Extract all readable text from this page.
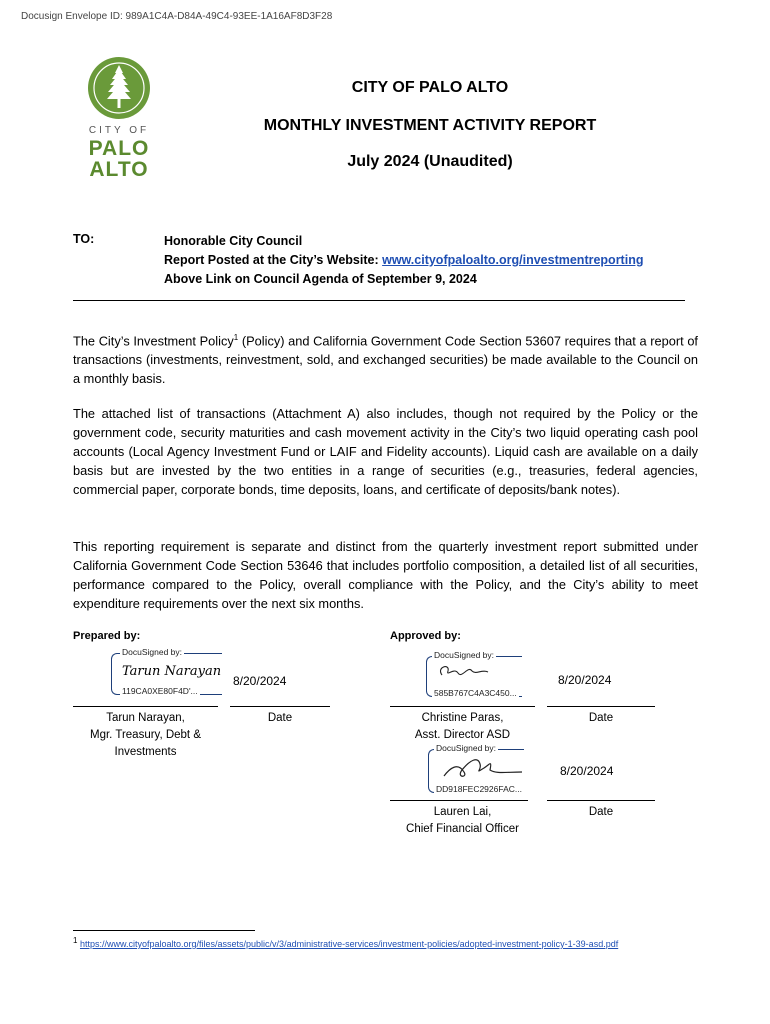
Docusign Envelope ID: 989A1C4A-D84A-49C4-93EE-1A16AF8D3F28
CITY OF
PALO
ALTO
CITY OF PALO ALTO
MONTHLY INVESTMENT ACTIVITY REPORT
July 2024 (Unaudited)
TO:	Honorable City Council
Report Posted at the City’s Website: www.cityofpaloalto.org/investmentreporting
Above Link on Council Agenda of September 9, 2024
The City’s Investment Policy$^1$ (Policy) and California Government Code Section 53607 requires that a report of transactions (investments, reinvestment, sold, and exchanged securities) be made available to the Council on a monthly basis.
The attached list of transactions (Attachment A) also includes, though not required by the Policy or the government code, security maturities and cash movement activity in the City’s two liquid operating cash pool accounts (Local Agency Investment Fund or LAIF and Fidelity accounts). Liquid cash are available on a daily basis but are invested by the two entities in a range of securities (e.g., treasuries, federal agencies, commercial paper, corporate bonds, time deposits, loans, and certificate of deposits/bank notes).
This reporting requirement is separate and distinct from the quarterly investment report submitted under California Government Code Section 53646 that includes portfolio composition, a detailed list of all securities, performance compared to the Policy, overall compliance with the Policy, and the City’s ability to meet expenditure requirements over the next six months.
Prepared by:	Approved by:
DocuSigned by:
Tarun Narayan
119CA0XE80F4D'...
8/20/2024
Tarun Narayan,
Mgr. Treasury, Debt &
Investments
Date
DocuSigned by:
585B767C4A3C450...
8/20/2024
Christine Paras,
Asst. Director ASD
Date
DocuSigned by:
DD918FEC2926FAC...
8/20/2024
Lauren Lai,
Chief Financial Officer
Date
1 https://www.cityofpaloalto.org/files/assets/public/v/3/administrative-services/investment-policies/adopted-investment-policy-1-39-asd.pdf
